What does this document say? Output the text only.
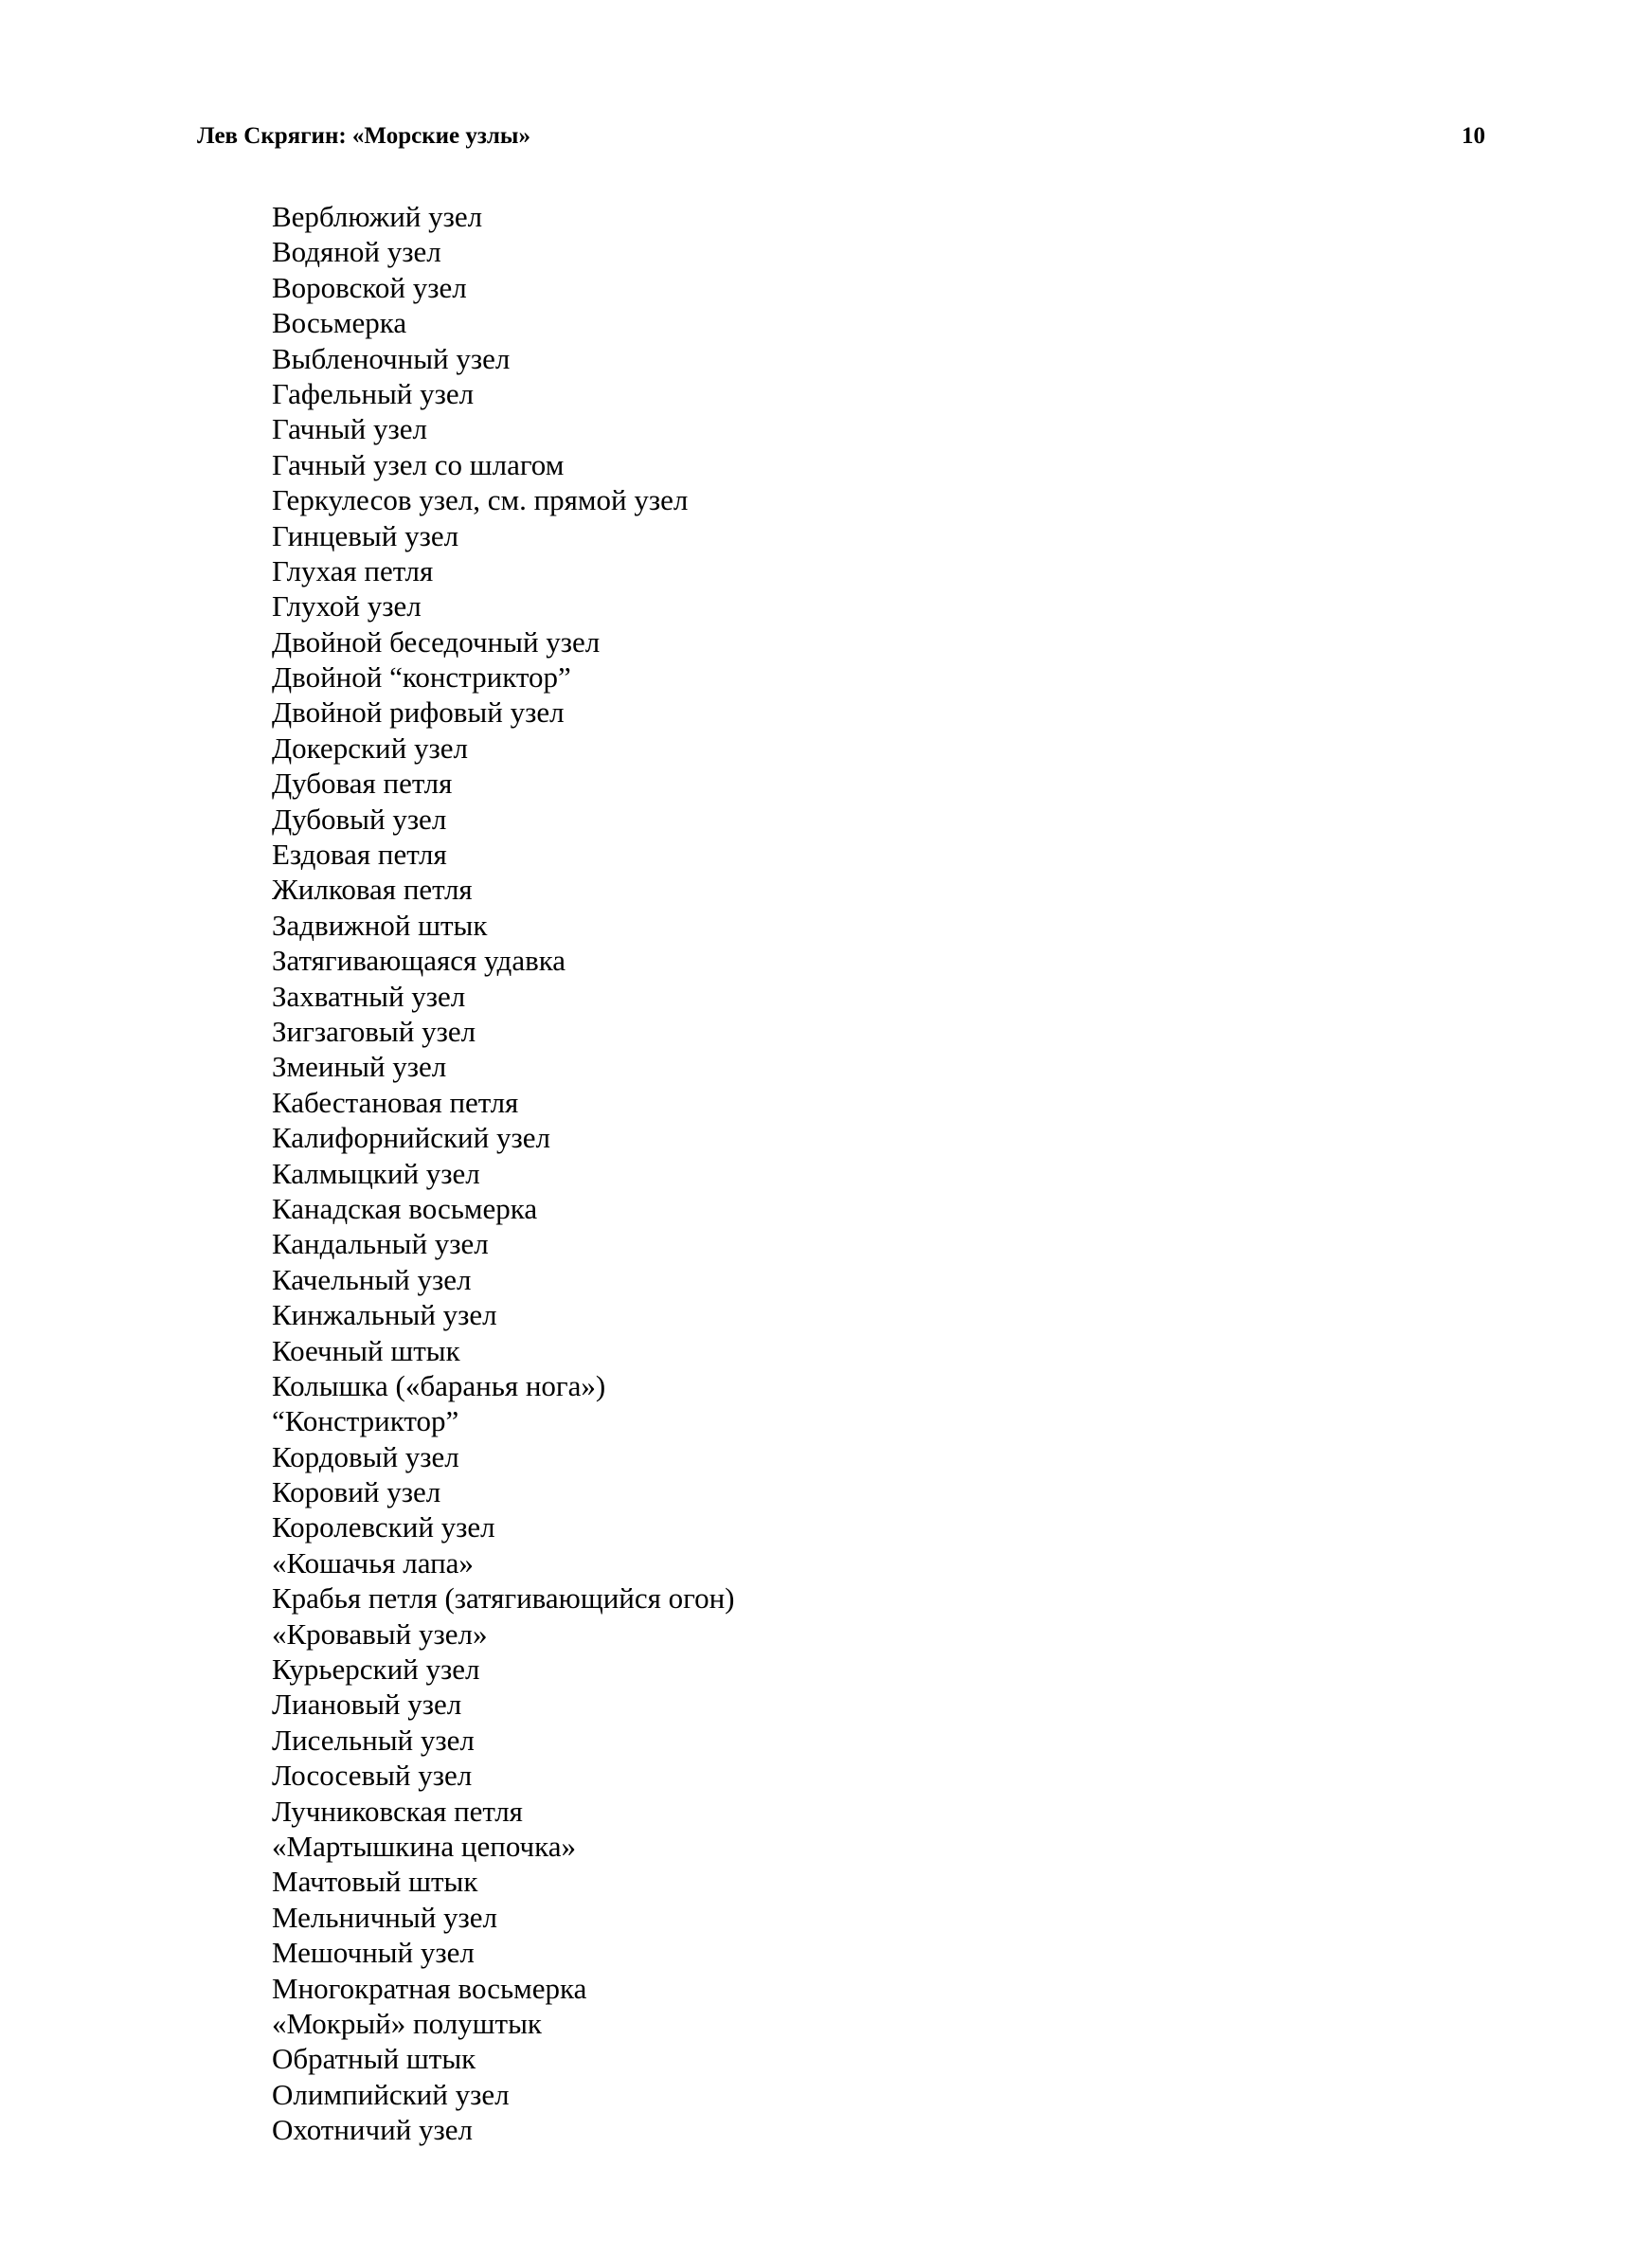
Лев Скрягин: «Морские узлы»	10
Верблюжий узел
Водяной узел
Воровской узел
Восьмерка
Выбленочный узел
Гафельный узел
Гачный узел
Гачный узел со шлагом
Геркулесов узел, см. прямой узел
Гинцевый узел
Глухая петля
Глухой узел
Двойной беседочный узел
Двойной “констриктор”
Двойной рифовый узел
Докерский узел
Дубовая петля
Дубовый узел
Ездовая петля
Жилковая петля
Задвижной штык
Затягивающаяся удавка
Захватный узел
Зигзаговый узел
Змеиный узел
Кабестановая петля
Калифорнийский узел
Калмыцкий узел
Канадская восьмерка
Кандальный узел
Качельный узел
Кинжальный узел
Коечный штык
Колышка («баранья нога»)
“Констриктор”
Кордовый узел
Коровий узел
Королевский узел
«Кошачья лапа»
Крабья петля (затягивающийся огон)
«Кровавый узел»
Курьерский узел
Лиановый узел
Лисельный узел
Лососевый узел
Лучниковская петля
«Мартышкина цепочка»
Мачтовый штык
Мельничный узел
Мешочный узел
Многократная восьмерка
«Мокрый» полуштык
Обратный штык
Олимпийский узел
Охотничий узел
